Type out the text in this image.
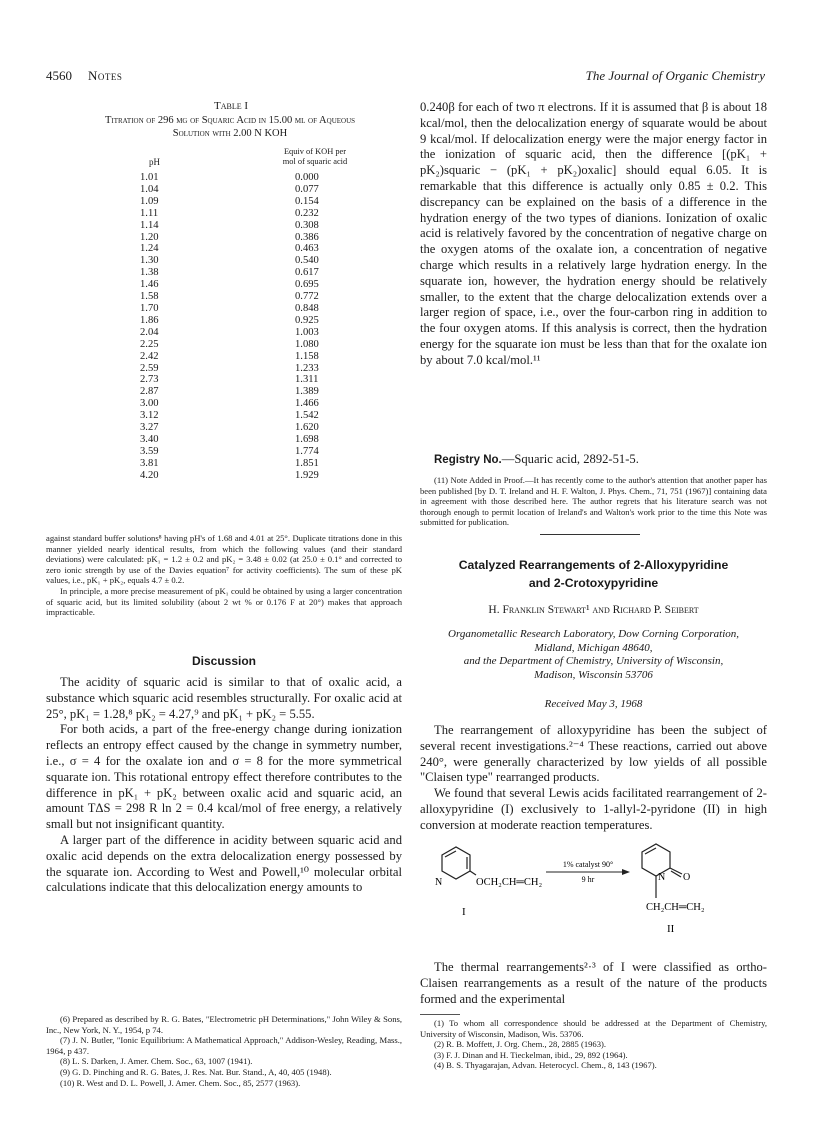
4560 Notes	The Journal of Organic Chemistry
Table I
Titration of 296 mg of Squaric Acid in 15.00 ml of Aqueous
Solution with 2.00 N KOH
Equiv of KOH per
mol of squaric acid
pH
1.01	0.000
1.04	0.077
1.09	0.154
1.11	0.232
1.14	0.308
1.20	0.386
1.24	0.463
1.30	0.540
1.38	0.617
1.46	0.695
1.58	0.772
1.70	0.848
1.86	0.925
2.04	1.003
2.25	1.080
2.42	1.158
2.59	1.233
2.73	1.311
2.87	1.389
3.00	1.466
3.12	1.542
3.27	1.620
3.40	1.698
3.59	1.774
3.81	1.851
4.20	1.929

against standard buffer solutions⁸ having pH's of 1.68 and 4.01 at 25°. Duplicate titrations done in this manner yielded nearly identical results, from which the following values (and their standard deviations) were calculated: pK₁ = 1.2 ± 0.2 and pK₂ = 3.48 ± 0.02 (at 25.0 ± 0.1° and corrected to zero ionic strength by use of the Davies equation⁷ for activity coefficients). The sum of these pK values, i.e., pK₁ + pK₂, equals 4.7 ± 0.2.

In principle, a more precise measurement of pK₁ could be obtained by using a larger concentration of squaric acid, but its limited solubility (about 2 wt % or 0.176 F at 20°) makes that approach impracticable.

Discussion

The acidity of squaric acid is similar to that of oxalic acid, a substance which squaric acid resembles structurally. For oxalic acid at 25°, pK₁ = 1.28,⁸ pK₂ = 4.27,⁹ and pK₁ + pK₂ = 5.55.

For both acids, a part of the free-energy change during ionization reflects an entropy effect caused by the change in symmetry number, i.e., σ = 4 for the oxalate ion and σ = 8 for the more symmetrical squarate ion. This rotational entropy effect therefore contributes to the difference in pK₁ + pK₂ between oxalic acid and squaric acid, an amount TΔS = 298 R ln 2 = 0.4 kcal/mol of free energy, a relatively small but not insignificant quantity.

A larger part of the difference in acidity between squaric acid and oxalic acid depends on the extra delocalization energy possessed by the squarate ion. According to West and Powell,¹⁰ molecular orbital calculations indicate that this delocalization energy amounts to

(6) Prepared as described by R. G. Bates, "Electrometric pH Determinations," John Wiley & Sons, Inc., New York, N. Y., 1954, p 74.

(7) J. N. Butler, "Ionic Equilibrium: A Mathematical Approach," Addison-Wesley, Reading, Mass., 1964, p 437.

(8) L. S. Darken, J. Amer. Chem. Soc., 63, 1007 (1941).

(9) G. D. Pinching and R. G. Bates, J. Res. Nat. Bur. Stand., A, 40, 405 (1948).

(10) R. West and D. L. Powell, J. Amer. Chem. Soc., 85, 2577 (1963).

0.240β for each of two π electrons. If it is assumed that β is about 18 kcal/mol, then the delocalization energy of squarate would be about 9 kcal/mol. If delocalization energy were the major energy factor in the ionization of squaric acid, then the difference [(pK₁ + pK₂)squaric − (pK₁ + pK₂)oxalic] should equal 6.05. It is remarkable that this difference is actually only 0.85 ± 0.2. This discrepancy can be explained on the basis of a difference in the hydration energy of the two types of dianions. Ionization of oxalic acid is relatively favored by the concentration of negative charge on the oxygen atoms of the oxalate ion, a concentration of negative charge which results in a relatively large hydration energy. In the squarate ion, however, the hydration energy should be relatively smaller, to the extent that the charge delocalization extends over a larger region of space, i.e., over the four-carbon ring in addition to the four oxygen atoms. If this analysis is correct, then the hydration energy for the squarate ion must be less than that for the oxalate ion by about 7.0 kcal/mol.¹¹

Registry No.—Squaric acid, 2892-51-5.

(11) Note Added in Proof.—It has recently come to the author's attention that another paper has been published [by D. T. Ireland and H. F. Walton, J. Phys. Chem., 71, 751 (1967)] containing data in agreement with those described here. The author regrets that his literature search was not thorough enough to permit location of Ireland's and Walton's work prior to the time this Note was submitted for publication.

Catalyzed Rearrangements of 2-Alloxypyridine
and 2-Crotoxypyridine
H. Franklin Stewart¹ and Richard P. Seibert
Organometallic Research Laboratory, Dow Corning Corporation,
Midland, Michigan 48640,
and the Department of Chemistry, University of Wisconsin,
Madison, Wisconsin 53706
Received May 3, 1968

The rearrangement of alloxypyridine has been the subject of several recent investigations.²⁻⁴ These reactions, carried out above 240°, were generally characterized by low yields of all possible "Claisen type" rearranged products.

We found that several Lewis acids facilitated rearrangement of 2-alloxypyridine (I) exclusively to 1-allyl-2-pyridone (II) in high conversion at moderate reaction temperatures.

N	OCH₂CH═CH₂
I
1% catalyst 90°
9 hr	N O
CH₂CH═CH₂
II

The thermal rearrangements²·³ of I were classified as ortho-Claisen rearrangements as a result of the nature of the products formed and the experimental

(1) To whom all correspondence should be addressed at the Department of Chemistry, University of Wisconsin, Madison, Wis. 53706.

(2) R. B. Moffett, J. Org. Chem., 28, 2885 (1963).

(3) F. J. Dinan and H. Tieckelman, ibid., 29, 892 (1964).

(4) B. S. Thyagarajan, Advan. Heterocycl. Chem., 8, 143 (1967).
